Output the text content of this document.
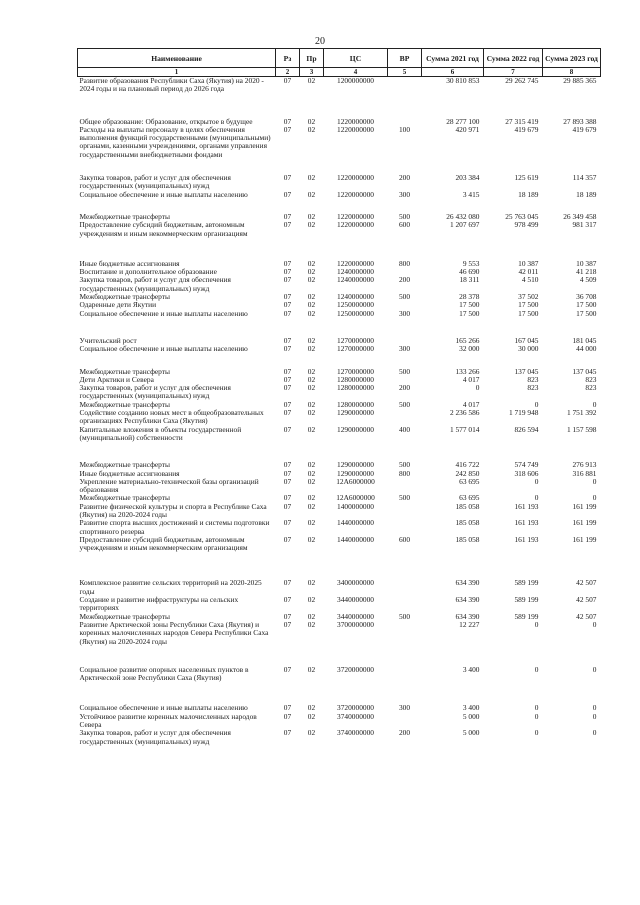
20
Наименование	Рз	Пр	ЦС	ВР	Сумма 2021 год	Сумма 2022 год	Сумма 2023 год
1	2	3	4	5	6	7	8
Развитие образования Республики Саха (Якутия) на 2020 - 2024 годы и на плановый период до 2026 года	07	02	1200000000		30 810 853	29 262 745	29 885 365
Общее образование: Образование, открытое в будущее	07	02	1220000000		28 277 100	27 315 419	27 893 388
Расходы на выплаты персоналу в целях обеспечения выполнения функций государственными (муниципальными) органами, казенными учреждениями, органами управления государственными внебюджетными фондами	07	02	1220000000	100	420 971	419 679	419 679
Закупка товаров, работ и услуг для обеспечения государственных (муниципальных) нужд	07	02	1220000000	200	203 384	125 619	114 357
Социальное обеспечение и иные выплаты населению	07	02	1220000000	300	3 415	18 189	18 189
Межбюджетные трансферты	07	02	1220000000	500	26 432 080	25 763 045	26 349 458
Предоставление субсидий бюджетным, автономным учреждениям и иным некоммерческим организациям	07	02	1220000000	600	1 207 697	978 499	981 317
Иные бюджетные ассигнования	07	02	1220000000	800	9 553	10 387	10 387
Воспитание и дополнительное образование	07	02	1240000000		46 690	42 011	41 218
Закупка товаров, работ и услуг для обеспечения государственных (муниципальных) нужд	07	02	1240000000	200	18 311	4 510	4 509
Межбюджетные трансферты	07	02	1240000000	500	28 378	37 502	36 708
Одаренные дети Якутии	07	02	1250000000		17 500	17 500	17 500
Социальное обеспечение и иные выплаты населению	07	02	1250000000	300	17 500	17 500	17 500
Учительский рост	07	02	1270000000		165 266	167 045	181 045
Социальное обеспечение и иные выплаты населению	07	02	1270000000	300	32 000	30 000	44 000
Межбюджетные трансферты	07	02	1270000000	500	133 266	137 045	137 045
Дети Арктики и Севера	07	02	1280000000		4 017	823	823
Закупка товаров, работ и услуг для обеспечения государственных (муниципальных) нужд	07	02	1280000000	200	0	823	823
Межбюджетные трансферты	07	02	1280000000	500	4 017	0	0
Содействие созданию новых мест в общеобразовательных организациях Республики Саха (Якутия)	07	02	1290000000		2 236 586	1 719 948	1 751 392
Капитальные вложения в объекты государственной (муниципальной) собственности	07	02	1290000000	400	1 577 014	826 594	1 157 598
Межбюджетные трансферты	07	02	1290000000	500	416 722	574 749	276 913
Иные бюджетные ассигнования	07	02	1290000000	800	242 850	318 606	316 881
Укрепление материально-технической базы организаций образования	07	02	12А6000000		63 695	0	0
Межбюджетные трансферты	07	02	12А6000000	500	63 695	0	0
Развитие физической культуры и спорта в Республике Саха (Якутия) на 2020-2024 годы	07	02	1400000000		185 058	161 193	161 199
Развитие спорта высших достижений и системы подготовки спортивного резерва	07	02	1440000000		185 058	161 193	161 199
Предоставление субсидий бюджетным, автономным учреждениям и иным некоммерческим организациям	07	02	1440000000	600	185 058	161 193	161 199
Комплексное развитие сельских территорий на 2020-2025 годы	07	02	3400000000		634 390	589 199	42 507
Создание и развитие инфраструктуры на сельских территориях	07	02	3440000000		634 390	589 199	42 507
Межбюджетные трансферты	07	02	3440000000	500	634 390	589 199	42 507
Развитие Арктической зоны Республики Саха (Якутия) и коренных малочисленных народов Севера Республики Саха (Якутия) на 2020-2024 годы	07	02	3700000000		12 227	0	0
Социальное развитие опорных населенных пунктов в Арктической зоне Республики Саха (Якутия)	07	02	3720000000		3 400	0	0
Социальное обеспечение и иные выплаты населению	07	02	3720000000	300	3 400	0	0
Устойчивое развитие коренных малочисленных народов Севера	07	02	3740000000		5 000	0	0
Закупка товаров, работ и услуг для обеспечения государственных (муниципальных) нужд	07	02	3740000000	200	5 000	0	0
